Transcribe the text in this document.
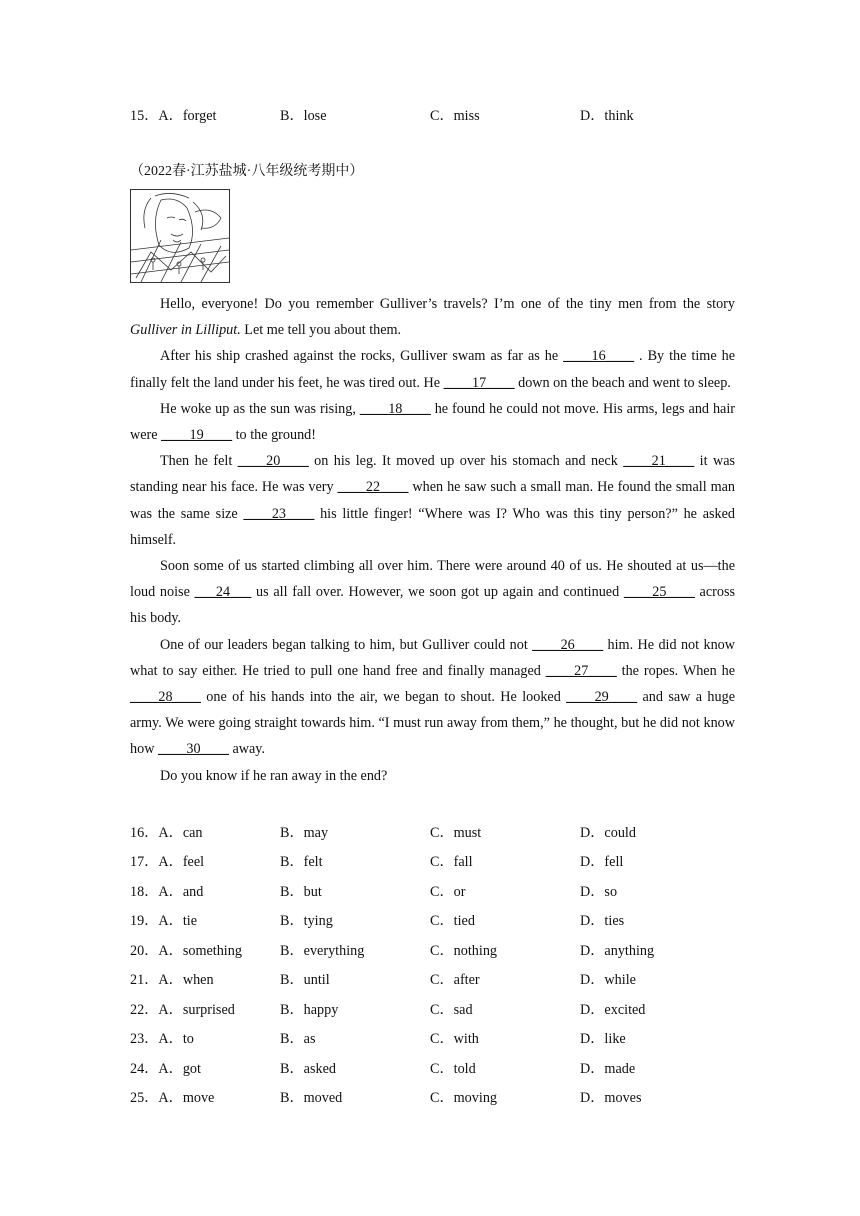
15．A．forget	B．lose	C．miss	D．think
（2022春·江苏盐城·八年级统考期中）

Hello, everyone! Do you remember Gulliver’s travels? I’m one of the tiny men from the story Gulliver in Lilliput. Let me tell you about them.

After his ship crashed against the rocks, Gulliver swam as far as he ____16____ . By the time he finally felt the land under his feet, he was tired out. He ____17____ down on the beach and went to sleep.

He woke up as the sun was rising, ____18____ he found he could not move. His arms, legs and hair were ____19____ to the ground!

Then he felt ____20____ on his leg. It moved up over his stomach and neck ____21____ it was standing near his face. He was very ____22____ when he saw such a small man. He found the small man was the same size ____23____ his little finger! “Where was I? Who was this tiny person?” he asked himself.

Soon some of us started climbing all over him. There were around 40 of us. He shouted at us—the loud noise ___24___ us all fall over. However, we soon got up again and continued ____25____ across his body.

One of our leaders began talking to him, but Gulliver could not ____26____ him. He did not know what to say either. He tried to pull one hand free and finally managed ____27____ the ropes. When he ____28____ one of his hands into the air, we began to shout. He looked ____29____ and saw a huge army. We were going straight towards him. “I must run away from them,” he thought, but he did not know how ____30____ away.

Do you know if he ran away in the end?

16．A．can	B．may	C．must	D．could
17．A．feel	B．felt	C．fall	D．fell
18．A．and	B．but	C．or	D．so
19．A．tie	B．tying	C．tied	D．ties
20．A．something	B．everything	C．nothing	D．anything
21．A．when	B．until	C．after	D．while
22．A．surprised	B．happy	C．sad	D．excited
23．A．to	B．as	C．with	D．like
24．A．got	B．asked	C．told	D．made
25．A．move	B．moved	C．moving	D．moves
